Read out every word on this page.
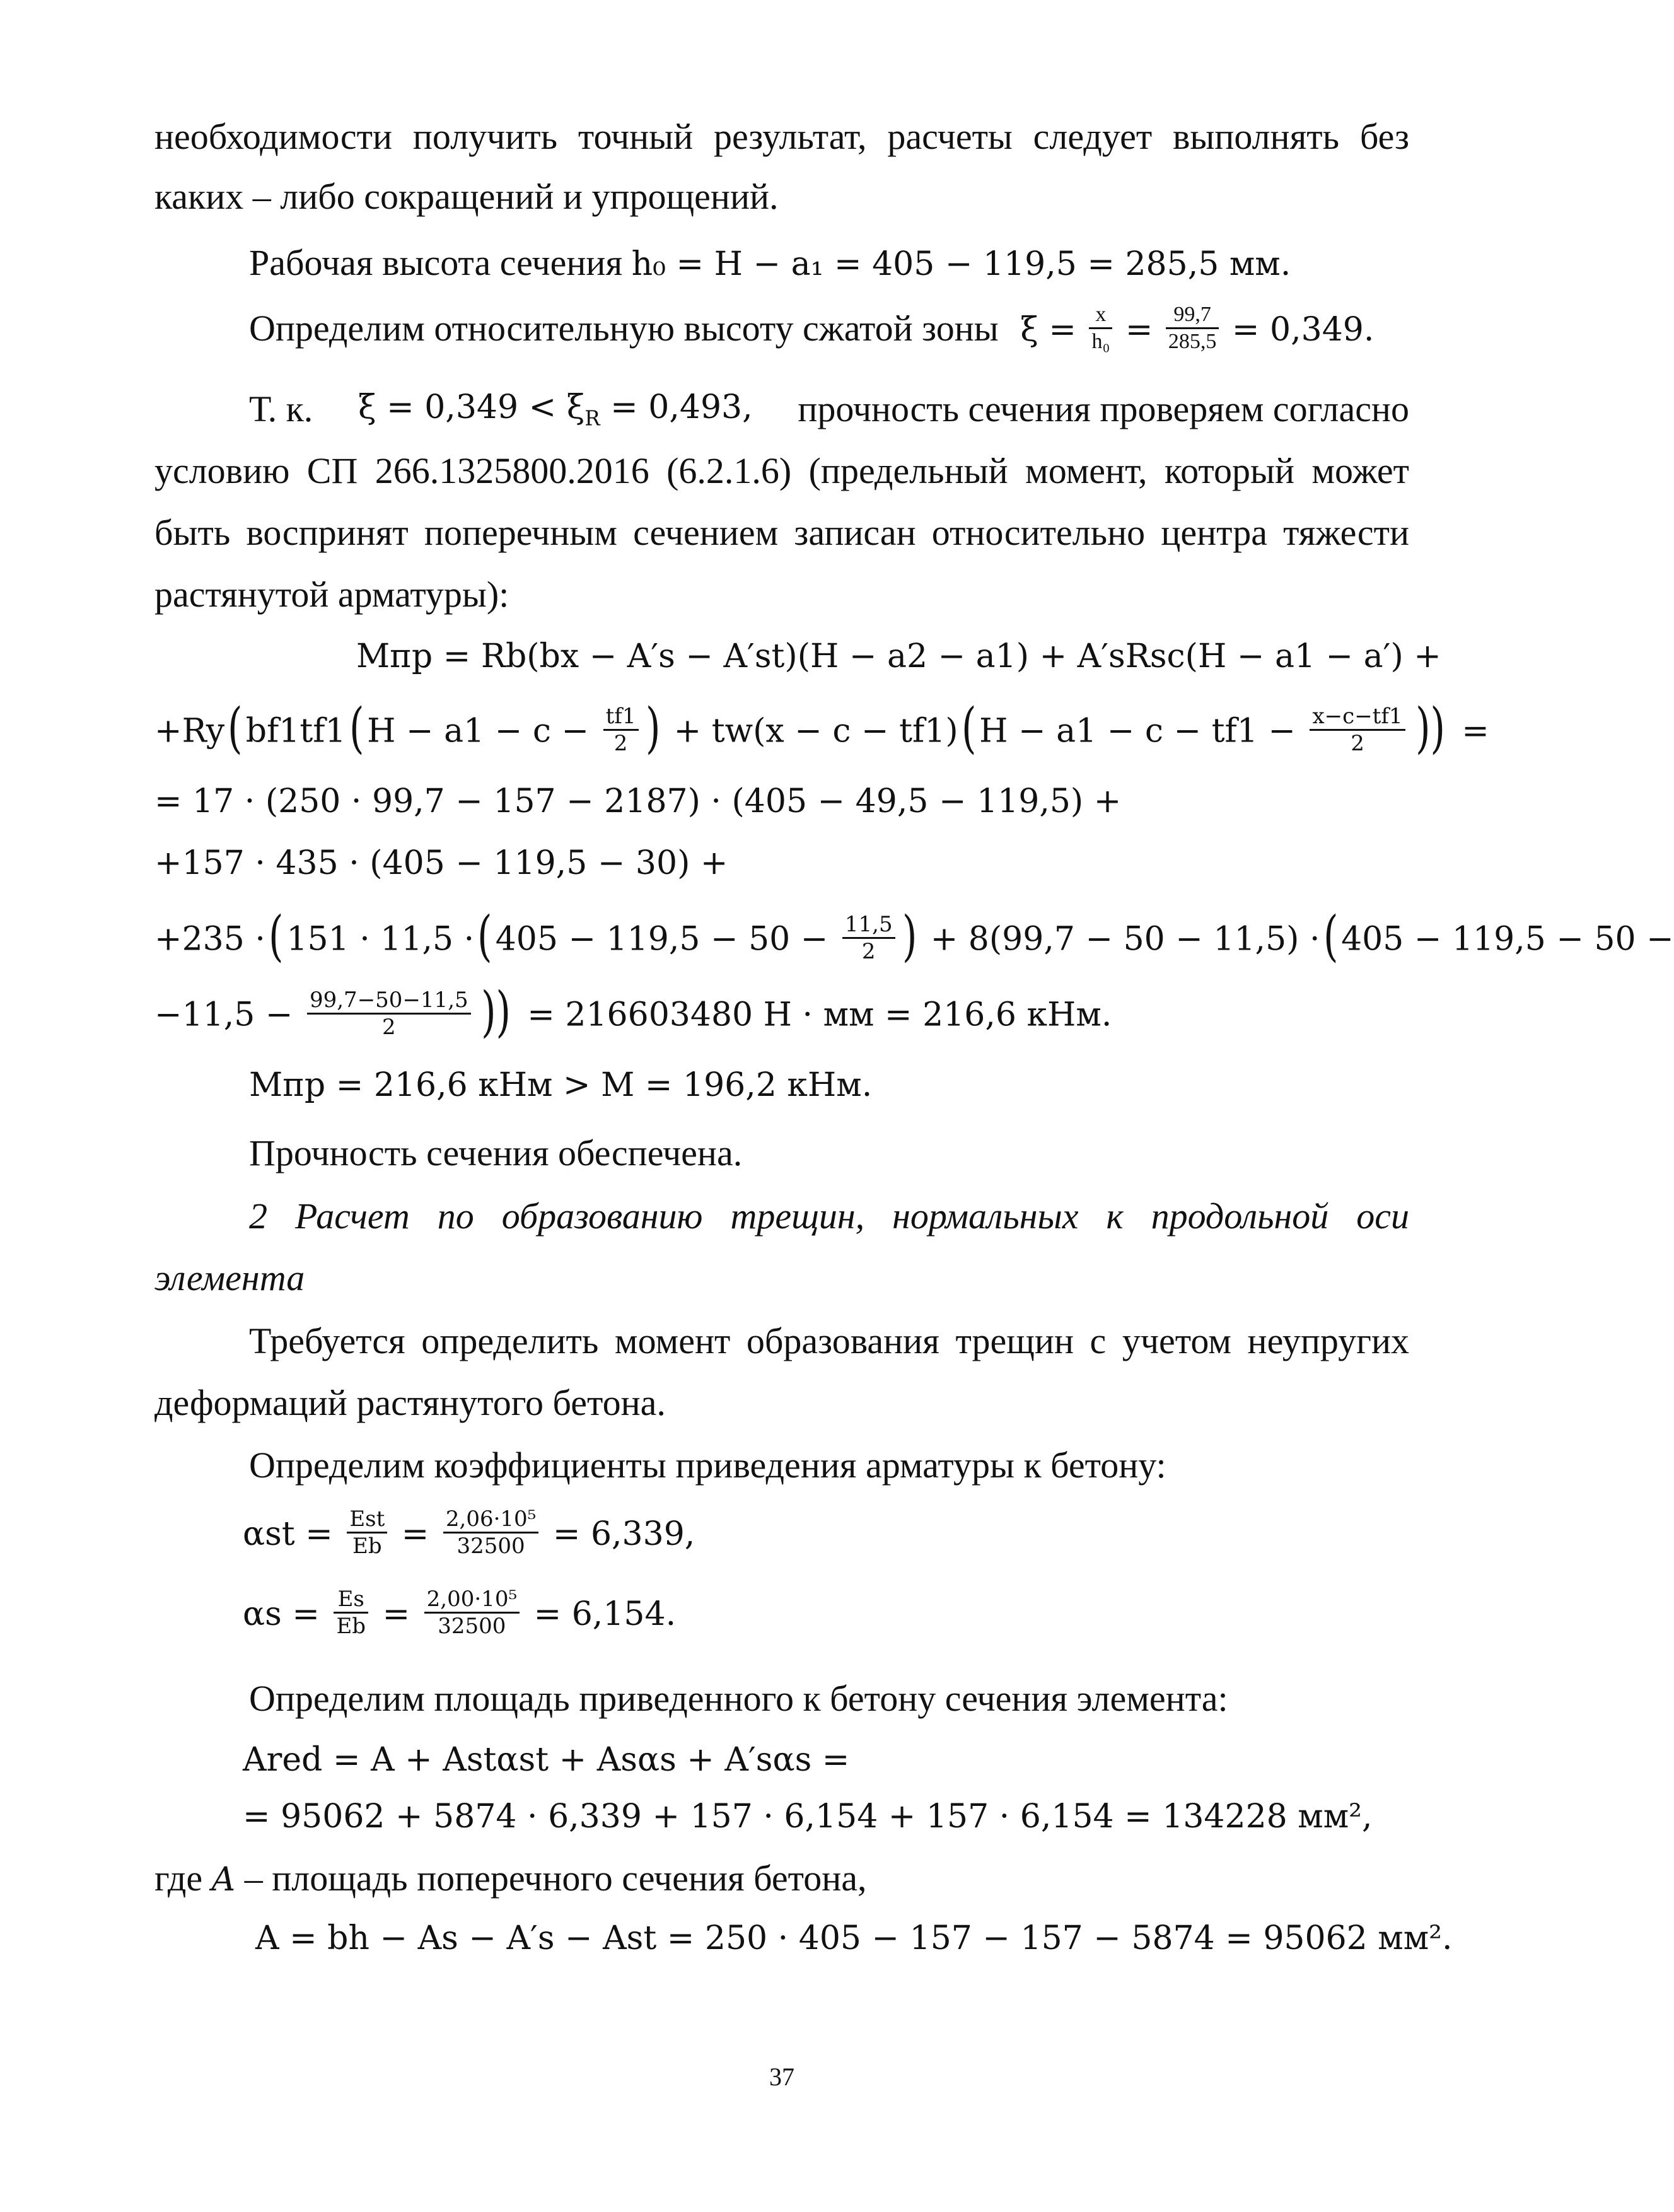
необходимости получить точный результат, расчеты следует выполнять без
каких – либо сокращений и упрощений.
Рабочая высота сечения h₀ = H − a₁ = 405 − 119,5 = 285,5 мм.
Определим относительную высоту сжатой зоны $\xi = \frac{x}{\text{h₀}} = \frac{99,7}{285,5} = 0,349$.
Т. к. $\xi = 0,349 < \xi_R = 0,493$, прочность сечения проверяем согласно
условию СП 266.1325800.2016 (6.2.1.6) (предельный момент, который может
быть воспринят поперечным сечением записан относительно центра тяжести
растянутой арматуры):
Mпр = Rb(bx − A′s − A′st)(H − a2 − a1) + A′sRsc(H − a1 − a′) +
$+Ry(bf1tf1(H - a1 - c - \frac{tf1}{2}$ ) + $tw(x - c - tf1)(H - a1 - c - tf1 - \frac{x-c-tf1}{2}$ )) =
= 17 · (250 · 99,7 − 157 − 2187) · (405 − 49,5 − 119,5) +
+157 · 435 · (405 − 119,5 − 30) +
$+235 \cdot(151 \cdot 11,5 \cdot(405 - 119,5 - 50 - \frac{11,5}{2}$ ) + 8(99,7 − 50 − 11,5) ·(405 − 119,5 − 50 −
$-11,5 - \frac{99,7-50-11,5}{2}$ )) = 216603480 Н · мм = 216,6 кНм.
Mпр = 216,6 кНм > M = 196,2 кНм.
Прочность сечения обеспечена.
2 Расчет по образованию трещин, нормальных к продольной оси
элемента
Требуется определить момент образования трещин с учетом неупругих
деформаций растянутого бетона.
Определим коэффициенты приведения арматуры к бетону:
$\alpha st = \frac{\text{Est}}{Eb} = \frac{\text{2,06·10⁵}}{32500} = 6,339$,
$\alpha s = \frac{Es}{Eb} = \frac{\text{2,00·10⁵}}{32500} = 6,154$.
Определим площадь приведенного к бетону сечения элемента:
Ared = A + Astαst + Asαs + A′sαs =
= 95062 + 5874 · 6,339 + 157 · 6,154 + 157 · 6,154 = 134228 мм²,
где A – площадь поперечного сечения бетона,
A = bh − As − A′s − Ast = 250 · 405 − 157 − 157 − 5874 = 95062 мм².
37
